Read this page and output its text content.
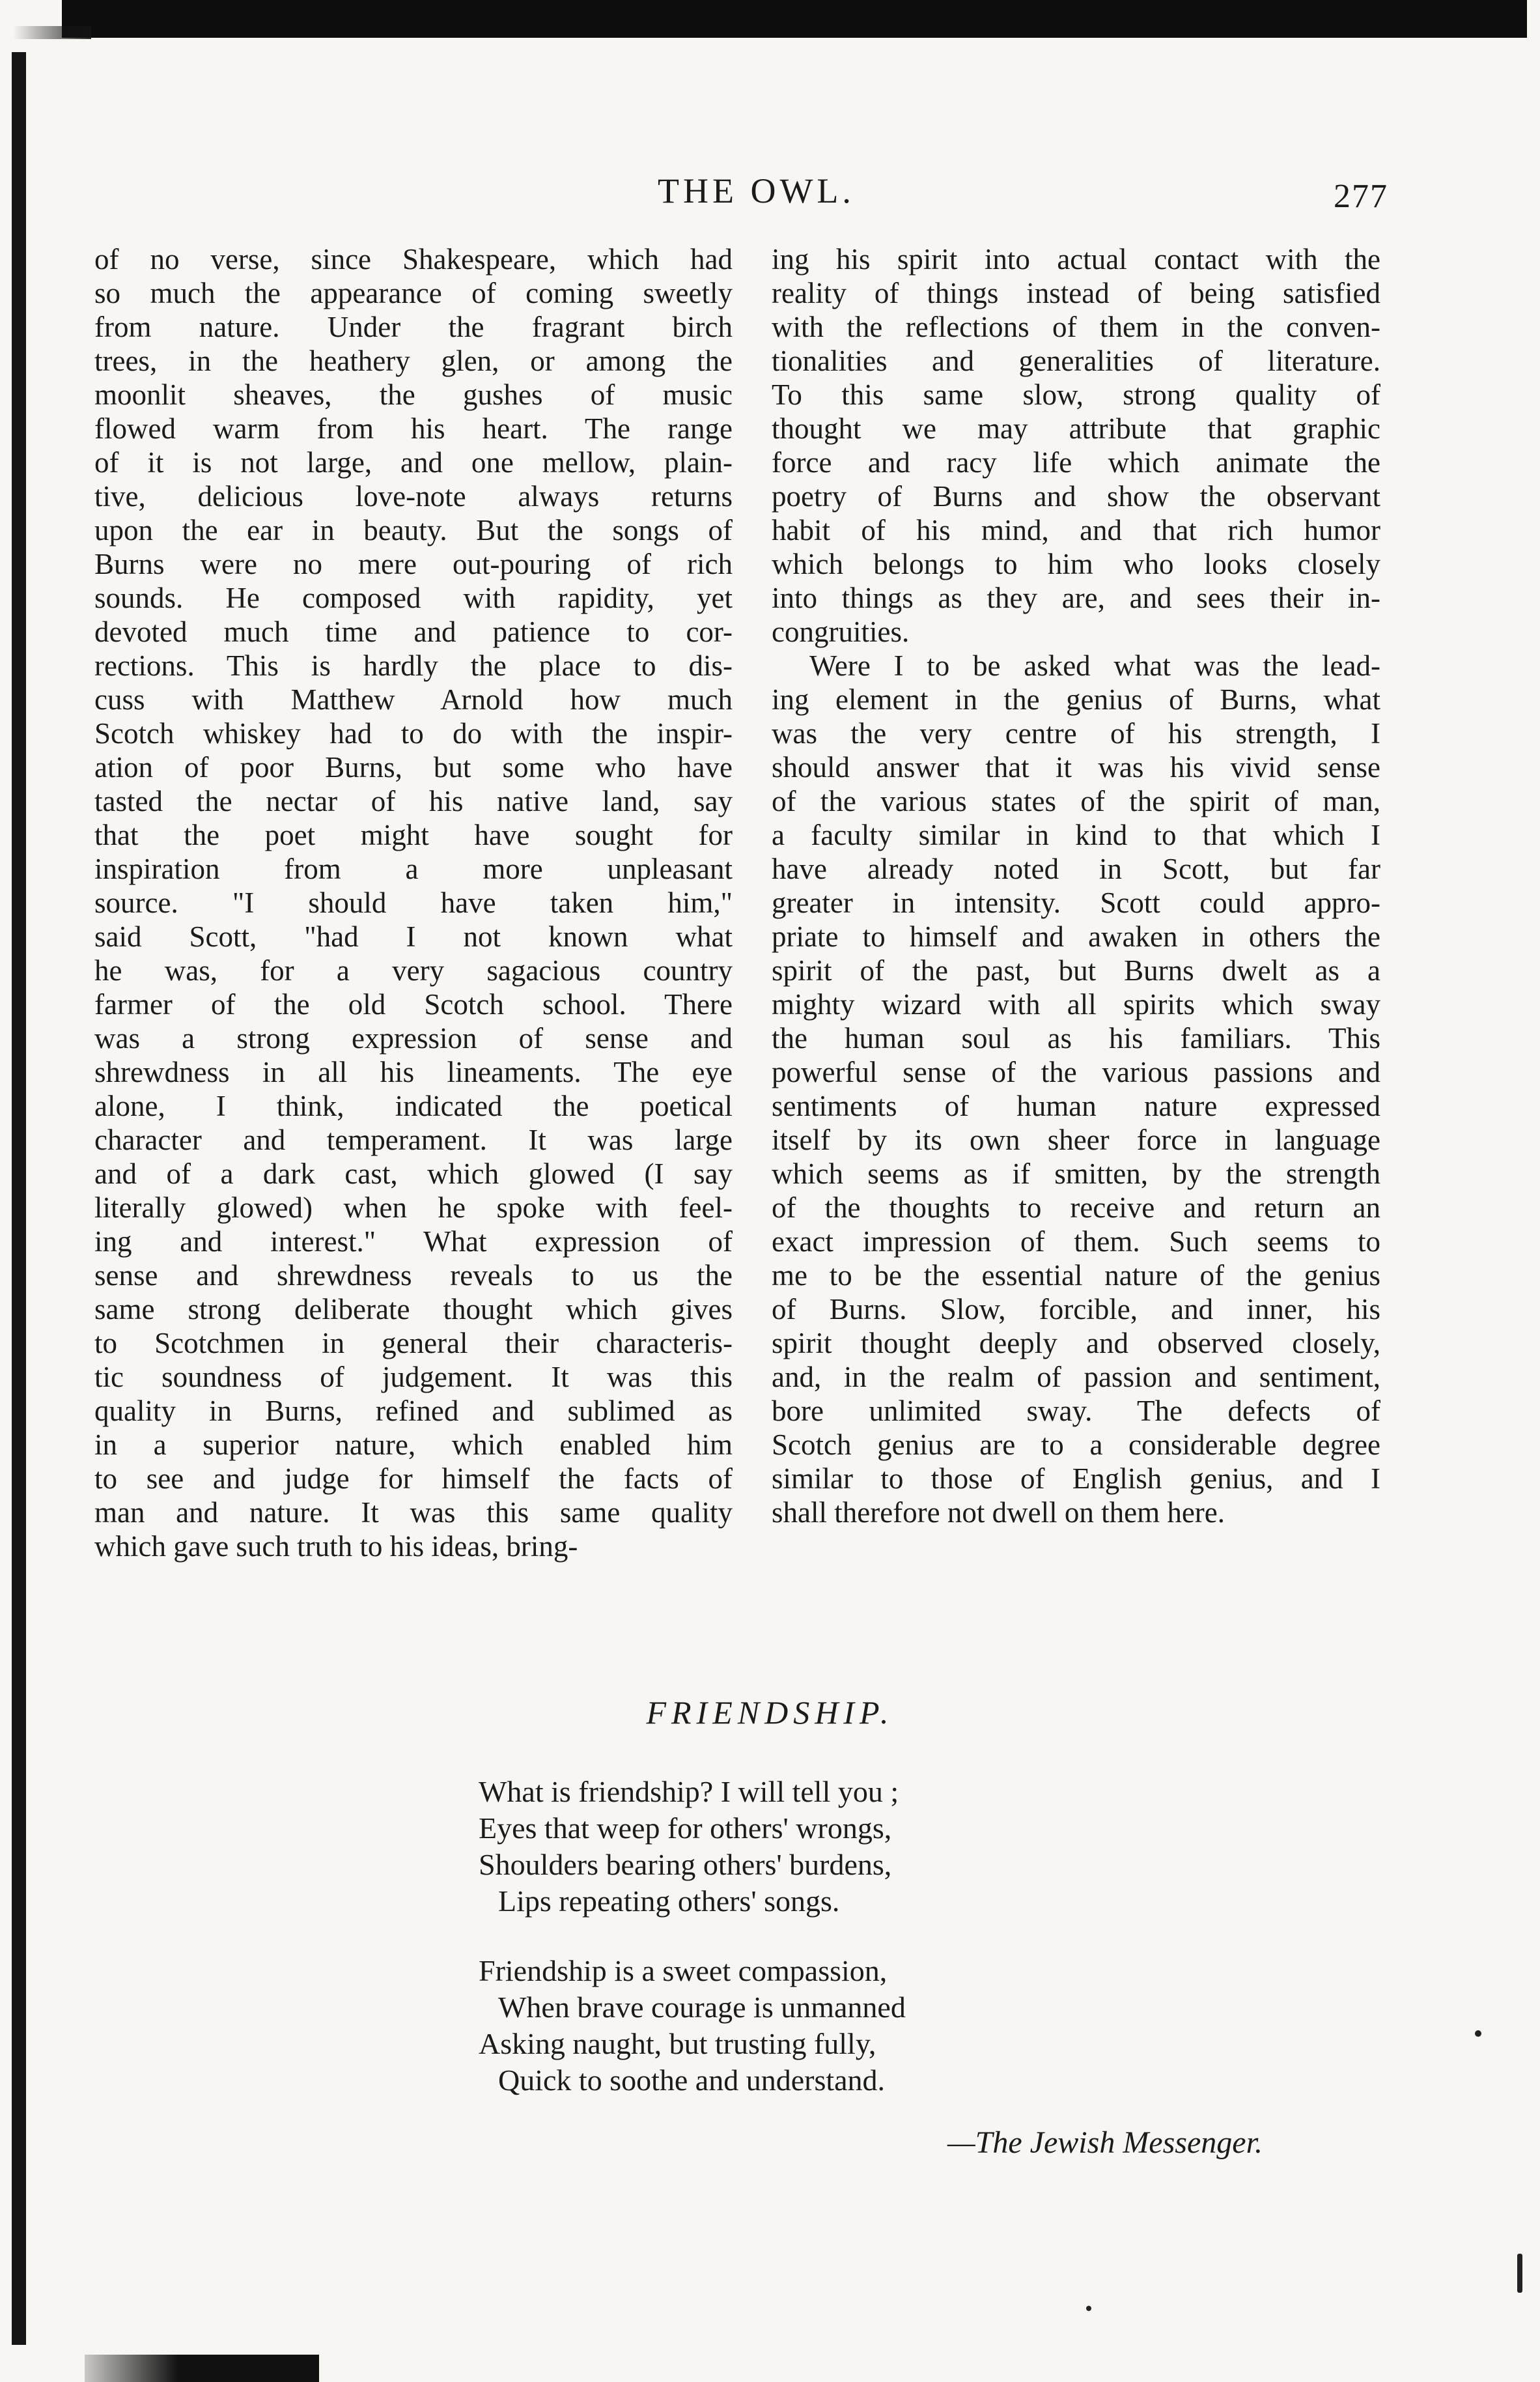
THE OWL.	277
of no verse, since Shakespeare, which had
so much the appearance of coming sweetly
from nature. Under the fragrant birch
trees, in the heathery glen, or among the
moonlit sheaves, the gushes of music
flowed warm from his heart. The range
of it is not large, and one mellow, plain-
tive, delicious love-note always returns
upon the ear in beauty. But the songs of
Burns were no mere out-pouring of rich
sounds. He composed with rapidity, yet
devoted much time and patience to cor-
rections. This is hardly the place to dis-
cuss with Matthew Arnold how much
Scotch whiskey had to do with the inspir-
ation of poor Burns, but some who have
tasted the nectar of his native land, say
that the poet might have sought for
inspiration from a more unpleasant
source. "I should have taken him,"
said Scott, "had I not known what
he was, for a very sagacious country
farmer of the old Scotch school. There
was a strong expression of sense and
shrewdness in all his lineaments. The eye
alone, I think, indicated the poetical
character and temperament. It was large
and of a dark cast, which glowed (I say
literally glowed) when he spoke with feel-
ing and interest." What expression of
sense and shrewdness reveals to us the
same strong deliberate thought which gives
to Scotchmen in general their characteris-
tic soundness of judgement. It was this
quality in Burns, refined and sublimed as
in a superior nature, which enabled him
to see and judge for himself the facts of
man and nature. It was this same quality
which gave such truth to his ideas, bring-
ing his spirit into actual contact with the
reality of things instead of being satisfied
with the reflections of them in the conven-
tionalities and generalities of literature.
To this same slow, strong quality of
thought we may attribute that graphic
force and racy life which animate the
poetry of Burns and show the observant
habit of his mind, and that rich humor
which belongs to him who looks closely
into things as they are, and sees their in-
congruities.
Were I to be asked what was the lead-
ing element in the genius of Burns, what
was the very centre of his strength, I
should answer that it was his vivid sense
of the various states of the spirit of man,
a faculty similar in kind to that which I
have already noted in Scott, but far
greater in intensity. Scott could appro-
priate to himself and awaken in others the
spirit of the past, but Burns dwelt as a
mighty wizard with all spirits which sway
the human soul as his familiars. This
powerful sense of the various passions and
sentiments of human nature expressed
itself by its own sheer force in language
which seems as if smitten, by the strength
of the thoughts to receive and return an
exact impression of them. Such seems to
me to be the essential nature of the genius
of Burns. Slow, forcible, and inner, his
spirit thought deeply and observed closely,
and, in the realm of passion and sentiment,
bore unlimited sway. The defects of
Scotch genius are to a considerable degree
similar to those of English genius, and I
shall therefore not dwell on them here.
FRIENDSHIP.
What is friendship? I will tell you ;
Eyes that weep for others' wrongs,
Shoulders bearing others' burdens,
Lips repeating others' songs.
Friendship is a sweet compassion,
When brave courage is unmanned
Asking naught, but trusting fully,
Quick to soothe and understand.
—The Jewish Messenger.
